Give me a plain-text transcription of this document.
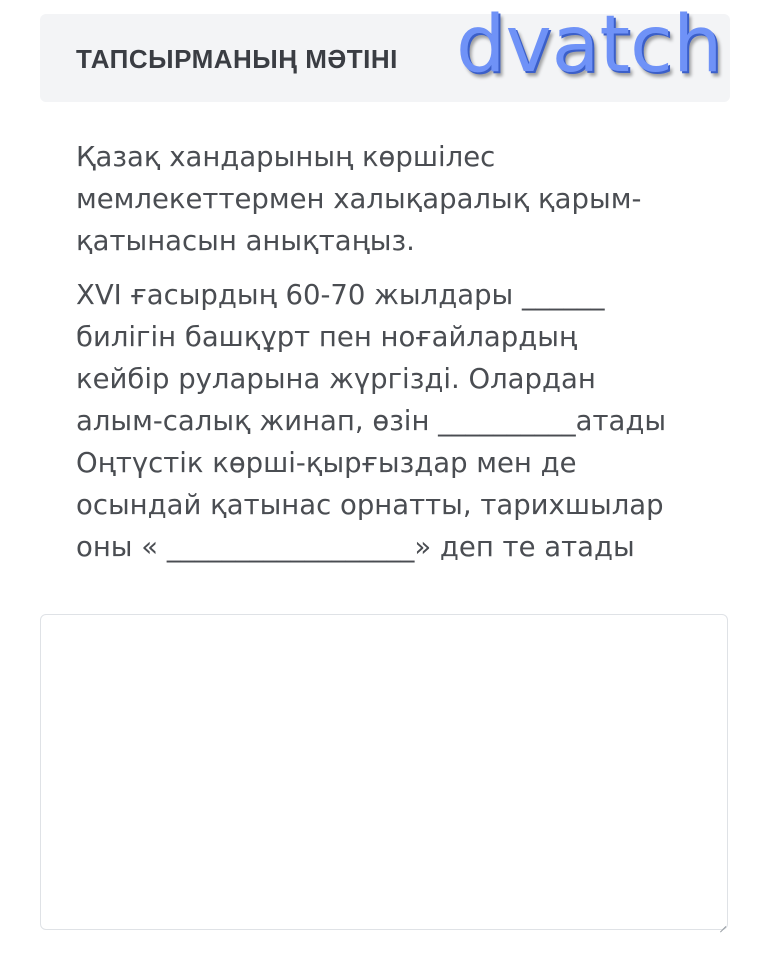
ТАПСЫРМАНЫҢ МӘТІНІ dvatch

Қазақ хандарының көршілес
мемлекеттермен халықаралық қарым-
қатынасын анықтаңыз.

XVI ғасырдың 60-70 жылдары ______
билігін башқұрт пен ноғайлардың
кейбір руларына жүргізді. Олардан
алым-салық жинап, өзін __________атады
Оңтүстік көрші-қырғыздар мен де
осындай қатынас орнатты, тарихшылар
оны « __________________» деп те атады
